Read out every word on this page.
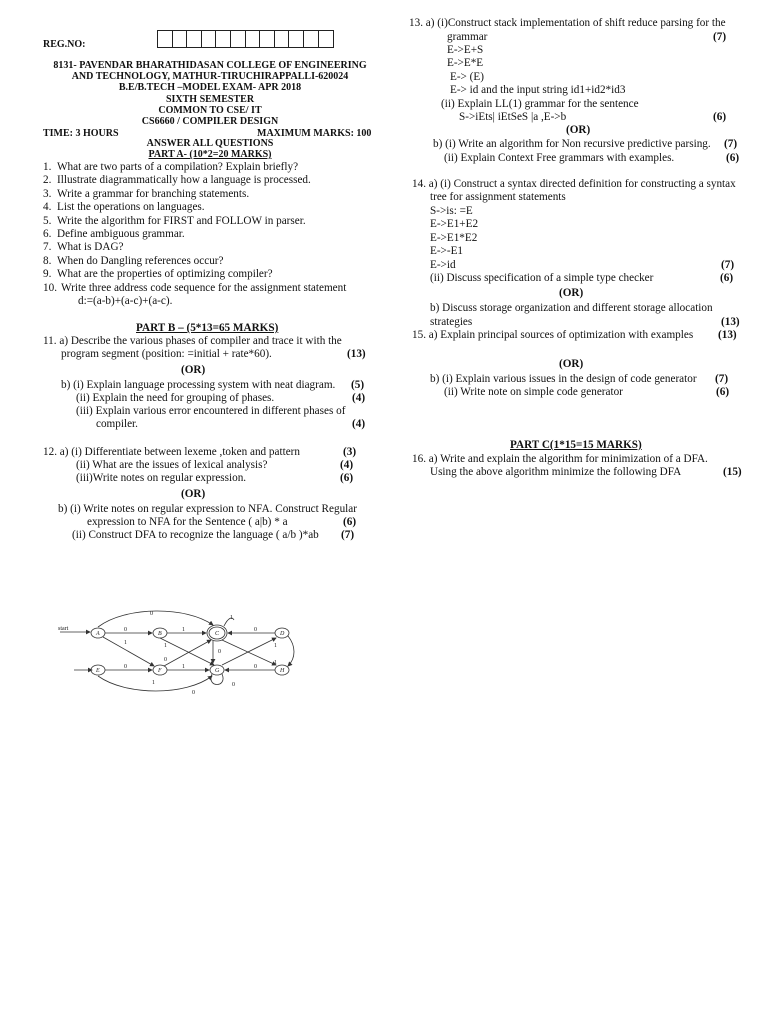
REG.NO:
8131- PAVENDAR BHARATHIDASAN COLLEGE OF ENGINEERING
AND TECHNOLOGY, MATHUR-TIRUCHIRAPPALLI-620024
B.E/B.TECH –MODEL EXAM- APR 2018
SIXTH SEMESTER
COMMON TO CSE/ IT
CS6660 / COMPILER DESIGN
TIME: 3 HOURS	MAXIMUM MARKS: 100
ANSWER ALL QUESTIONS
PART A- (10*2=20 MARKS)
1. What are two parts of a compilation? Explain briefly?
2. Illustrate diagrammatically how a language is processed.
3. Write a grammar for branching statements.
4. List the operations on languages.
5. Write the algorithm for FIRST and FOLLOW in parser.
6. Define ambiguous grammar.
7. What is DAG?
8. When do Dangling references occur?
9. What are the properties of optimizing compiler?
10. Write three address code sequence for the assignment statement
d:=(a-b)+(a-c)+(a-c).
PART B – (5*13=65 MARKS)
11. a) Describe the various phases of compiler and trace it with the
program segment (position: =initial + rate*60).	(13)
(OR)
b) (i) Explain language processing system with neat diagram. (5)
(ii) Explain the need for grouping of phases.	(4)
(iii) Explain various error encountered in different phases of
compiler.	(4)
12. a) (i) Differentiate between lexeme ,token and pattern	(3)
(ii) What are the issues of lexical analysis?	(4)
(iii)Write notes on regular expression.	(6)
(OR)
b) (i) Write notes on regular expression to NFA. Construct Regular
expression to NFA for the Sentence ( a|b) * a	(6)
(ii) Construct DFA to recognize the language ( a/b )*ab (7)
start
A	B	C	D
E	F	G	H
0
1
0	1	0
1	1
0
0
1
0	1	0
1
1	0
0
13. a) (i)Construct stack implementation of shift reduce parsing for the
grammar	(7)
E->E+S
E->E*E
E-> (E)
E-> id and the input string id1+id2*id3
(ii) Explain LL(1) grammar for the sentence
S->iEts| iEtSeS |a ,E->b	(6)
(OR)
b) (i) Write an algorithm for Non recursive predictive parsing. (7)
(ii) Explain Context Free grammars with examples.	(6)
14. a) (i) Construct a syntax directed definition for constructing a syntax
tree for assignment statements
S->is: =E
E->E1+E2
E->E1*E2
E->-E1
E->id	(7)
(ii) Discuss specification of a simple type checker	(6)
(OR)
b) Discuss storage organization and different storage allocation
strategies	(13)
15. a) Explain principal sources of optimization with examples (13)
(OR)
b) (i) Explain various issues in the design of code generator (7)
(ii) Write note on simple code generator	(6)
PART C(1*15=15 MARKS)
16. a) Write and explain the algorithm for minimization of a DFA.
Using the above algorithm minimize the following DFA	(15)
